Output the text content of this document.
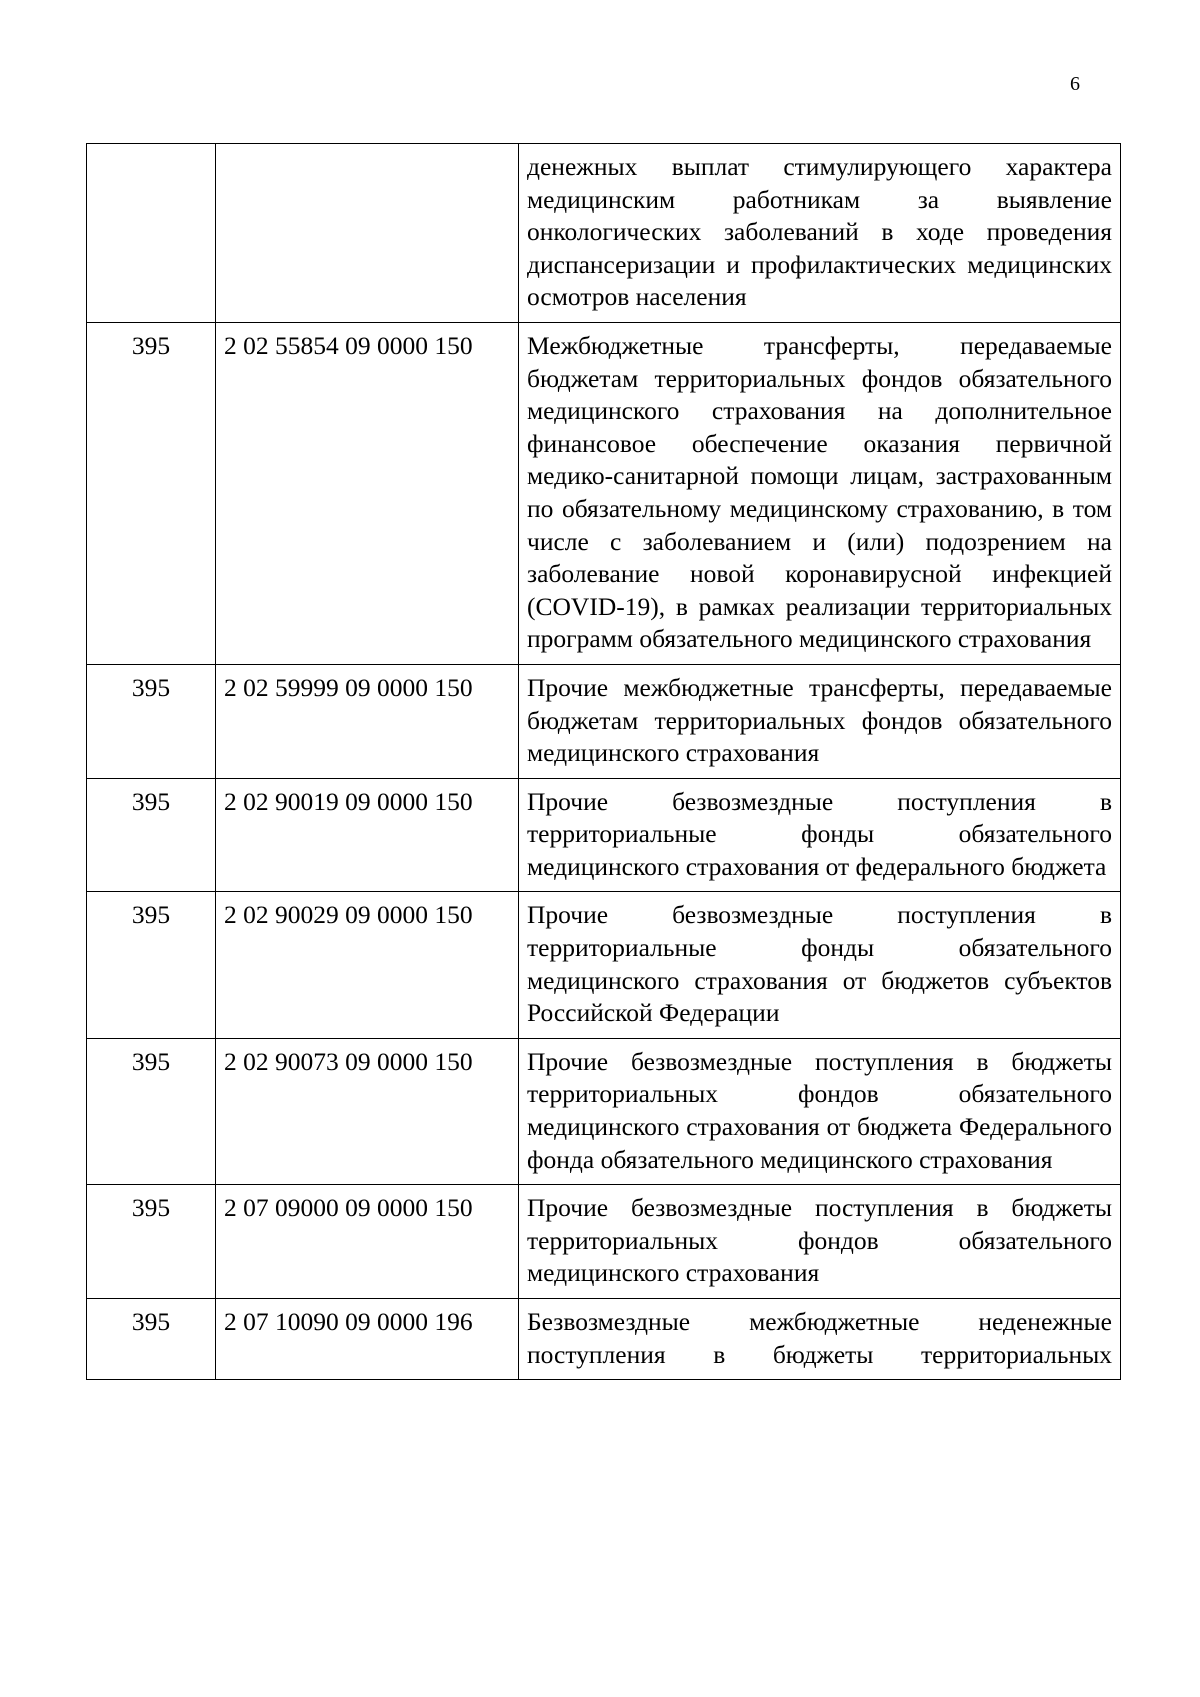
6
		денежных выплат стимулирующего характера медицинским работникам за выявление онкологических заболеваний в ходе проведения диспансеризации и профилактических медицинских осмотров населения
395	2 02 55854 09 0000 150	Межбюджетные трансферты, передаваемые бюджетам территориальных фондов обязательного медицинского страхования на дополнительное финансовое обеспечение оказания первичной медико-санитарной помощи лицам, застрахованным по обязательному медицинскому страхованию, в том числе с заболеванием и (или) подозрением на заболевание новой коронавирусной инфекцией (COVID-19), в рамках реализации территориальных программ обязательного медицинского страхования
395	2 02 59999 09 0000 150	Прочие межбюджетные трансферты, передаваемые бюджетам территориальных фондов обязательного медицинского страхования
395	2 02 90019 09 0000 150	Прочие безвозмездные поступления в территориальные фонды обязательного медицинского страхования от федерального бюджета
395	2 02 90029 09 0000 150	Прочие безвозмездные поступления в территориальные фонды обязательного медицинского страхования от бюджетов субъектов Российской Федерации
395	2 02 90073 09 0000 150	Прочие безвозмездные поступления в бюджеты территориальных фондов обязательного медицинского страхования от бюджета Федерального фонда обязательного медицинского страхования
395	2 07 09000 09 0000 150	Прочие безвозмездные поступления в бюджеты территориальных фондов обязательного медицинского страхования
395	2 07 10090 09 0000 196	Безвозмездные межбюджетные неденежные поступления в бюджеты территориальных
